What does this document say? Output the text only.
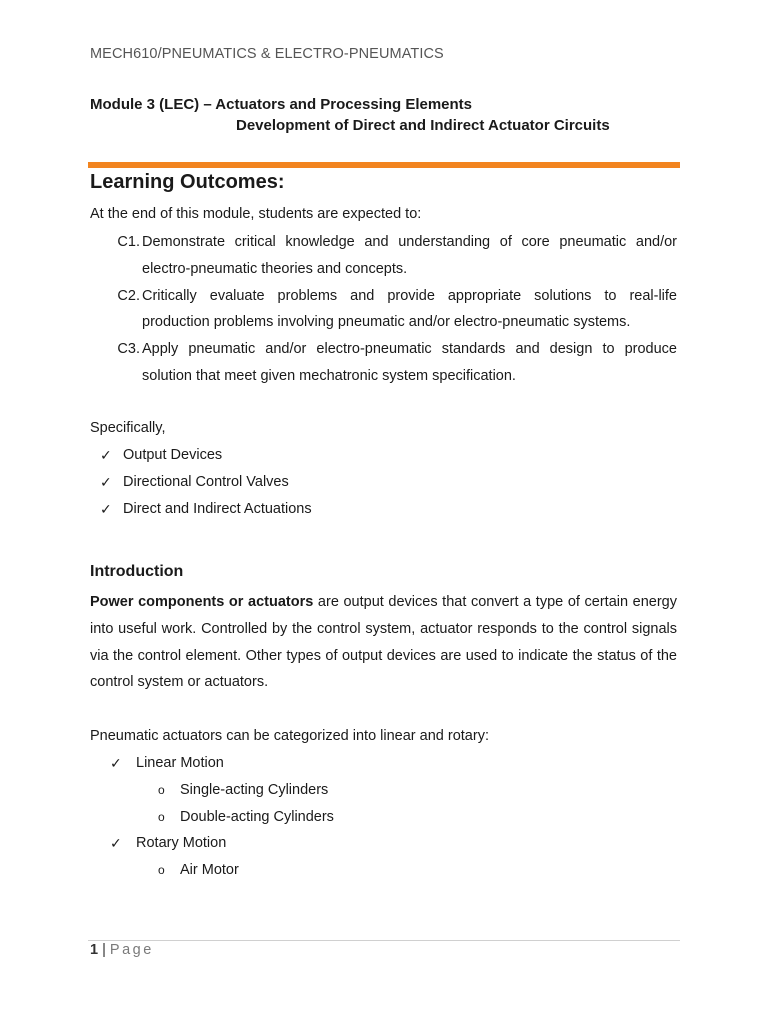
MECH610/PNEUMATICS & ELECTRO-PNEUMATICS
Module 3 (LEC) – Actuators and Processing Elements
Development of Direct and Indirect Actuator Circuits
Learning Outcomes:
At the end of this module, students are expected to:
C1. Demonstrate critical knowledge and understanding of core pneumatic and/or electro-pneumatic theories and concepts.
C2. Critically evaluate problems and provide appropriate solutions to real-life production problems involving pneumatic and/or electro-pneumatic systems.
C3. Apply pneumatic and/or electro-pneumatic standards and design to produce solution that meet given mechatronic system specification.
Specifically,
✓ Output Devices
✓ Directional Control Valves
✓ Direct and Indirect Actuations
Introduction
Power components or actuators are output devices that convert a type of certain energy into useful work. Controlled by the control system, actuator responds to the control signals via the control element. Other types of output devices are used to indicate the status of the control system or actuators.
Pneumatic actuators can be categorized into linear and rotary:
✓ Linear Motion
o	Single-acting Cylinders
o	Double-acting Cylinders
✓ Rotary Motion
o	Air Motor
1 | Page
